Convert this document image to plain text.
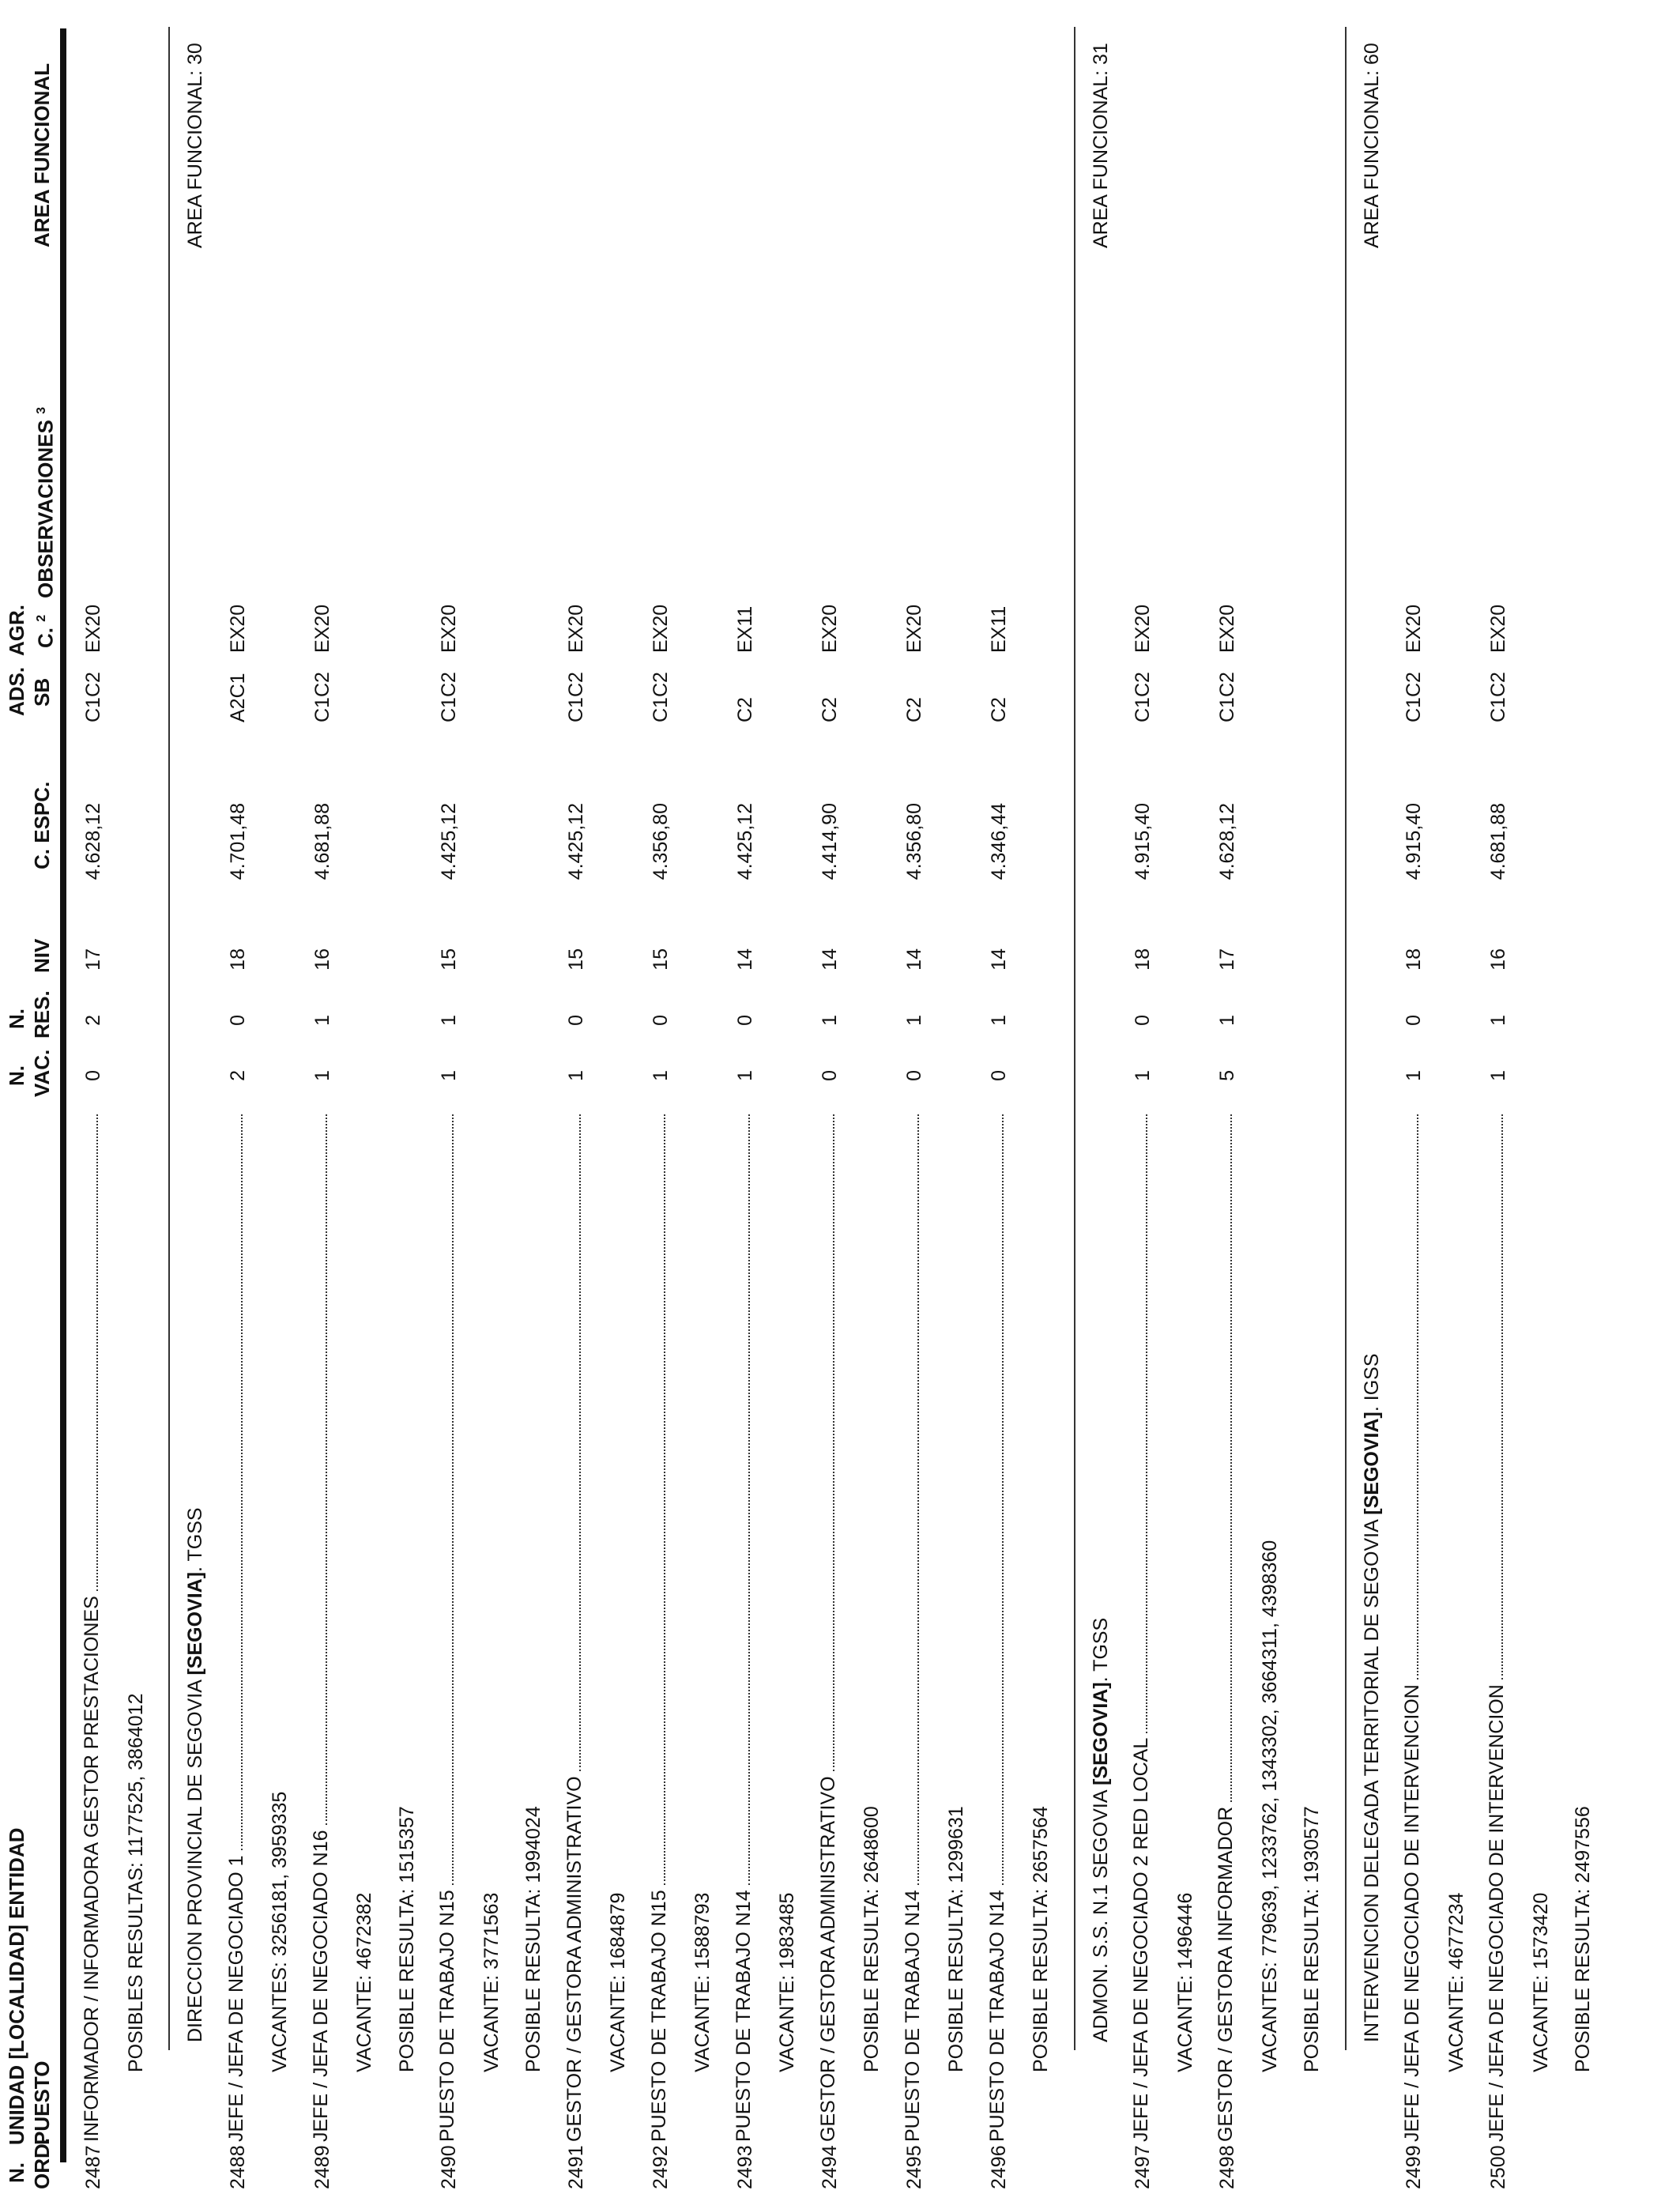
N. ORD.
UNIDAD [LOCALIDAD] ENTIDAD PUESTO
N. VAC.
N. RES.
NIV
C. ESPC.
ADS. SB
AGR. C. $^2$
OBSERVACIONES $^3$
AREA FUNCIONAL
2487
INFORMADOR / INFORMADORA GESTOR PRESTACIONES
0
2
17
4.628,12
C1C2
EX20
POSIBLES RESULTAS: 1177525, 3864012 DIRECCION PROVINCIAL DE SEGOVIA [SEGOVIA]. TGSS
AREA FUNCIONAL: 30
2488
JEFE / JEFA DE NEGOCIADO 1
2
0
18
4.701,48
A2C1
EX20
VACANTES: 3256181, 3959335
2489
JEFE / JEFA DE NEGOCIADO N16
1
1
16
4.681,88
C1C2
EX20
VACANTE: 4672382 POSIBLE RESULTA: 1515357
2490
PUESTO DE TRABAJO N15
1
1
15
4.425,12
C1C2
EX20
VACANTE: 3771563 POSIBLE RESULTA: 1994024
2491
GESTOR / GESTORA ADMINISTRATIVO
1
0
15
4.425,12
C1C2
EX20
VACANTE: 1684879
2492
PUESTO DE TRABAJO N15
1
0
15
4.356,80
C1C2
EX20
VACANTE: 1588793
2493
PUESTO DE TRABAJO N14
1
0
14
4.425,12
C2
EX11
VACANTE: 1983485
2494
GESTOR / GESTORA ADMINISTRATIVO
0
1
14
4.414,90
C2
EX20
POSIBLE RESULTA: 2648600
2495
PUESTO DE TRABAJO N14
0
1
14
4.356,80
C2
EX20
POSIBLE RESULTA: 1299631
2496
PUESTO DE TRABAJO N14
0
1
14
4.346,44
C2
EX11
POSIBLE RESULTA: 2657564 ADMON. S.S. N.1 SEGOVIA [SEGOVIA]. TGSS
AREA FUNCIONAL: 31
2497
JEFE / JEFA DE NEGOCIADO 2 RED LOCAL
1
0
18
4.915,40
C1C2
EX20
VACANTE: 1496446
2498
GESTOR / GESTORA INFORMADOR
5
1
17
4.628,12
C1C2
EX20
VACANTES: 779639, 1233762, 1343302, 3664311, 4398360 POSIBLE RESULTA: 1930577 INTERVENCION DELEGADA TERRITORIAL DE SEGOVIA [SEGOVIA]. IGSS
AREA FUNCIONAL: 60
2499
JEFE / JEFA DE NEGOCIADO DE INTERVENCION
1
0
18
4.915,40
C1C2
EX20
VACANTE: 4677234
2500
JEFE / JEFA DE NEGOCIADO DE INTERVENCION
1
1
16
4.681,88
C1C2
EX20
VACANTE: 1573420 POSIBLE RESULTA: 2497556
